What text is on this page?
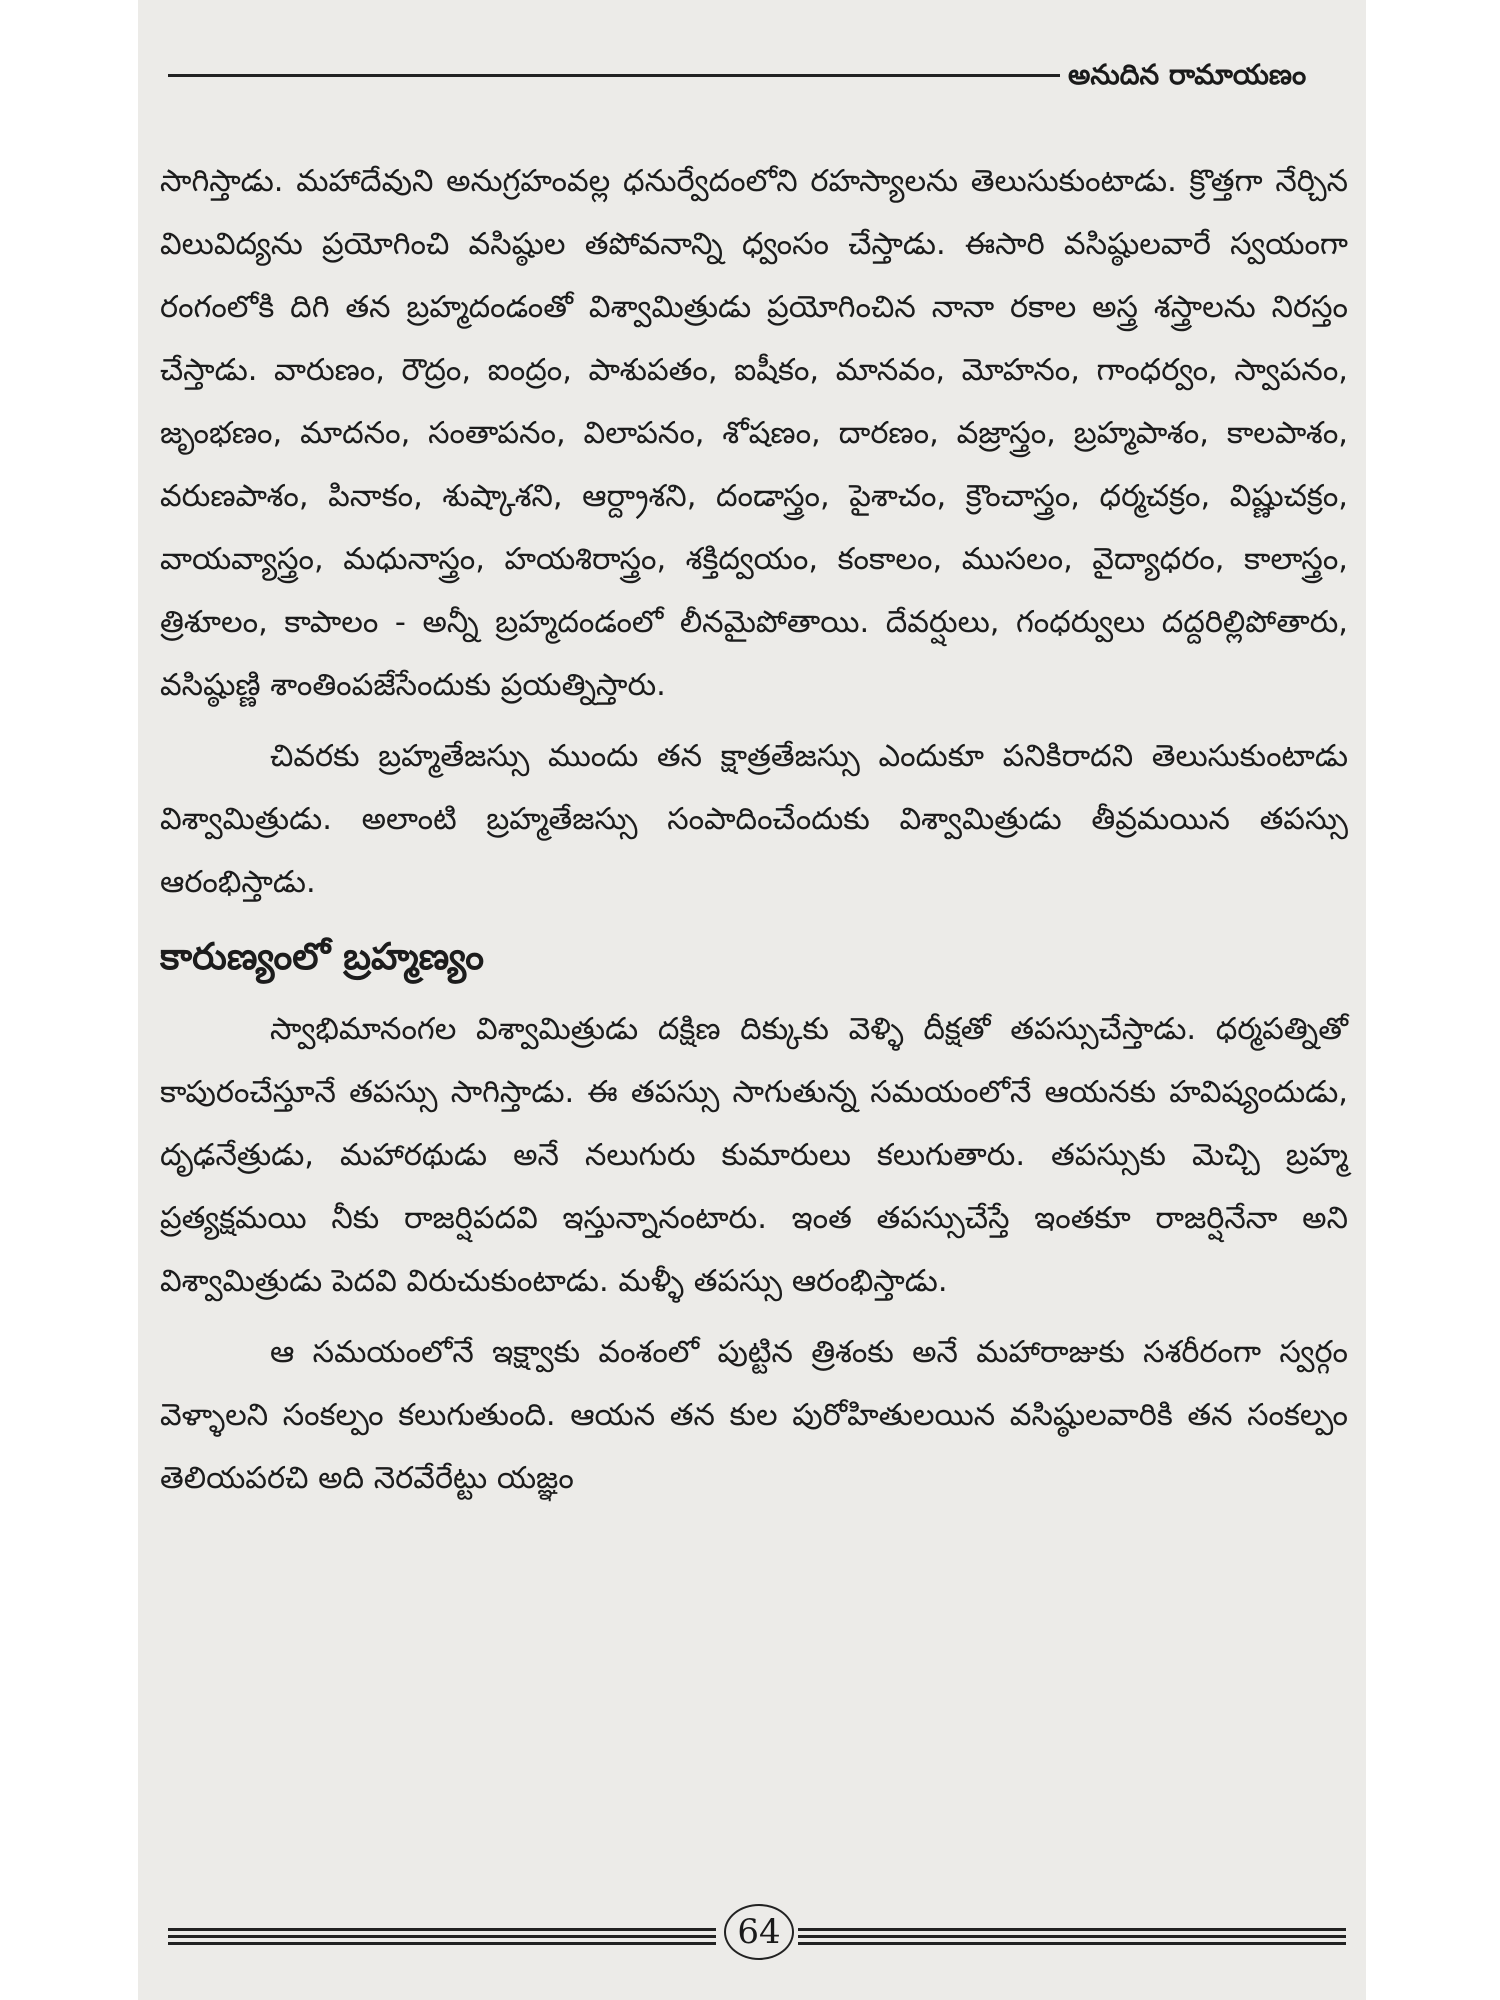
అనుదిన రామాయణం

సాగిస్తాడు. మహాదేవుని అనుగ్రహంవల్ల ధనుర్వేదంలోని రహస్యాలను తెలుసుకుంటాడు. క్రొత్తగా నేర్చిన విలువిద్యను ప్రయోగించి వసిష్ఠుల తపోవనాన్ని ధ్వంసం చేస్తాడు. ఈసారి వసిష్ఠులవారే స్వయంగా రంగంలోకి దిగి తన బ్రహ్మదండంతో విశ్వామిత్రుడు ప్రయోగించిన నానా రకాల అస్త్ర శస్త్రాలను నిరస్తం చేస్తాడు. వారుణం, రౌద్రం, ఐంద్రం, పాశుపతం, ఐషీకం, మానవం, మోహనం, గాంధర్వం, స్వాపనం, జృంభణం, మాదనం, సంతాపనం, విలాపనం, శోషణం, దారణం, వజ్రాస్త్రం, బ్రహ్మపాశం, కాలపాశం, వరుణపాశం, పినాకం, శుష్కాశని, ఆర్ద్రాశని, దండాస్త్రం, పైశాచం, క్రౌంచాస్త్రం, ధర్మచక్రం, విష్ణుచక్రం, వాయవ్యాస్త్రం, మధునాస్త్రం, హయశిరాస్త్రం, శక్తిద్వయం, కంకాలం, ముసలం, వైద్యాధరం, కాలాస్త్రం, త్రిశూలం, కాపాలం - అన్నీ బ్రహ్మదండంలో లీనమైపోతాయి. దేవర్షులు, గంధర్వులు దద్దరిల్లిపోతారు, వసిష్ఠుణ్ణి శాంతింపజేసేందుకు ప్రయత్నిస్తారు.

చివరకు బ్రహ్మతేజస్సు ముందు తన క్షాత్రతేజస్సు ఎందుకూ పనికిరాదని తెలుసుకుంటాడు విశ్వామిత్రుడు. అలాంటి బ్రహ్మతేజస్సు సంపాదించేందుకు విశ్వామిత్రుడు తీవ్రమయిన తపస్సు ఆరంభిస్తాడు.

కారుణ్యంలో బ్రహ్మణ్యం

స్వాభిమానంగల విశ్వామిత్రుడు దక్షిణ దిక్కుకు వెళ్ళి దీక్షతో తపస్సుచేస్తాడు. ధర్మపత్నితో కాపురంచేస్తూనే తపస్సు సాగిస్తాడు. ఈ తపస్సు సాగుతున్న సమయంలోనే ఆయనకు హవిష్యందుడు, దృఢనేత్రుడు, మహారథుడు అనే నలుగురు కుమారులు కలుగుతారు. తపస్సుకు మెచ్చి బ్రహ్మ ప్రత్యక్షమయి నీకు రాజర్షిపదవి ఇస్తున్నానంటారు. ఇంత తపస్సుచేస్తే ఇంతకూ రాజర్షినేనా అని విశ్వామిత్రుడు పెదవి విరుచుకుంటాడు. మళ్ళీ తపస్సు ఆరంభిస్తాడు.

ఆ సమయంలోనే ఇక్ష్వాకు వంశంలో పుట్టిన త్రిశంకు అనే మహారాజుకు సశరీరంగా స్వర్గం వెళ్ళాలని సంకల్పం కలుగుతుంది. ఆయన తన కుల పురోహితులయిన వసిష్ఠులవారికి తన సంకల్పం తెలియపరచి అది నెరవేరేట్టు యజ్ఞం

64
